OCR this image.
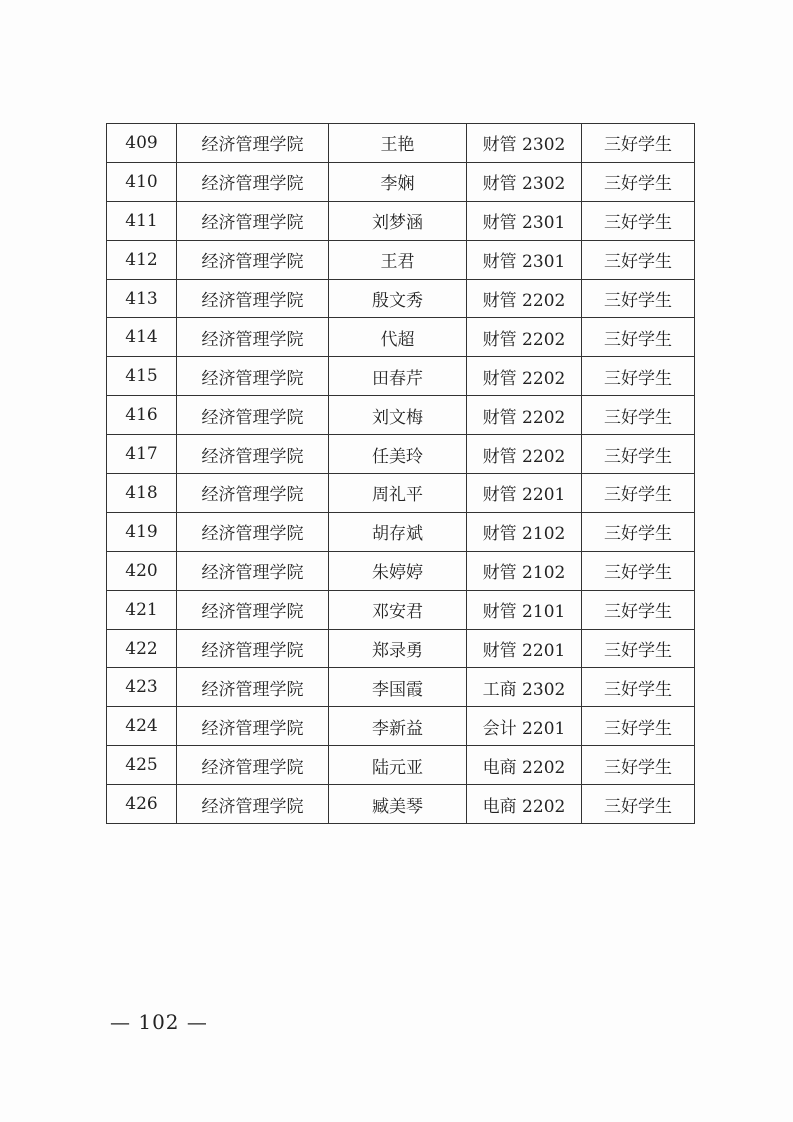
409	经济管理学院	王艳	财管 2302	三好学生
410	经济管理学院	李娴	财管 2302	三好学生
411	经济管理学院	刘梦涵	财管 2301	三好学生
412	经济管理学院	王君	财管 2301	三好学生
413	经济管理学院	殷文秀	财管 2202	三好学生
414	经济管理学院	代超	财管 2202	三好学生
415	经济管理学院	田春芹	财管 2202	三好学生
416	经济管理学院	刘文梅	财管 2202	三好学生
417	经济管理学院	任美玲	财管 2202	三好学生
418	经济管理学院	周礼平	财管 2201	三好学生
419	经济管理学院	胡存斌	财管 2102	三好学生
420	经济管理学院	朱婷婷	财管 2102	三好学生
421	经济管理学院	邓安君	财管 2101	三好学生
422	经济管理学院	郑录勇	财管 2201	三好学生
423	经济管理学院	李国霞	工商 2302	三好学生
424	经济管理学院	李新益	会计 2201	三好学生
425	经济管理学院	陆元亚	电商 2202	三好学生
426	经济管理学院	臧美琴	电商 2202	三好学生
— 102 —
